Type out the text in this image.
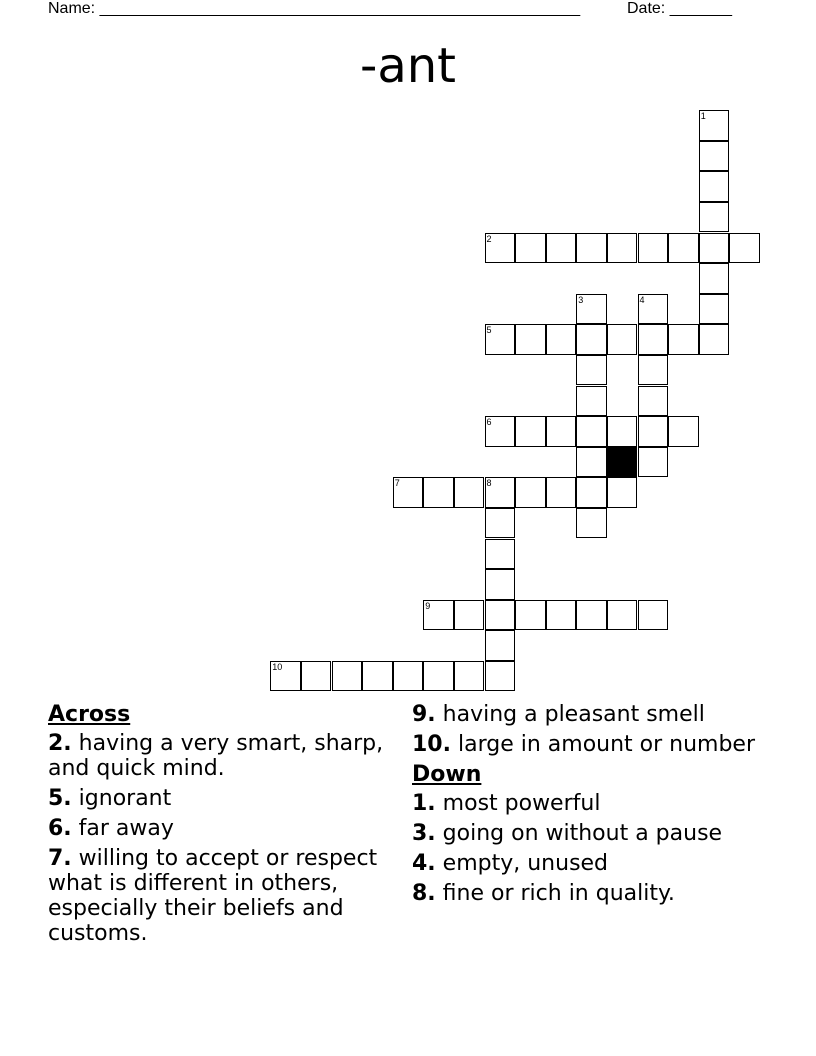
Name: ______________________________________________________	Date: _______
-ant
2
1
3	4
5
6
7	8
9
10
Across
2. having a very smart, sharp, and quick mind.
5. ignorant
6. far away
7. willing to accept or respect what is different in others, especially their beliefs and customs.
9. having a pleasant smell
10. large in amount or number
Down
1. most powerful
3. going on without a pause
4. empty, unused
8. fine or rich in quality.
